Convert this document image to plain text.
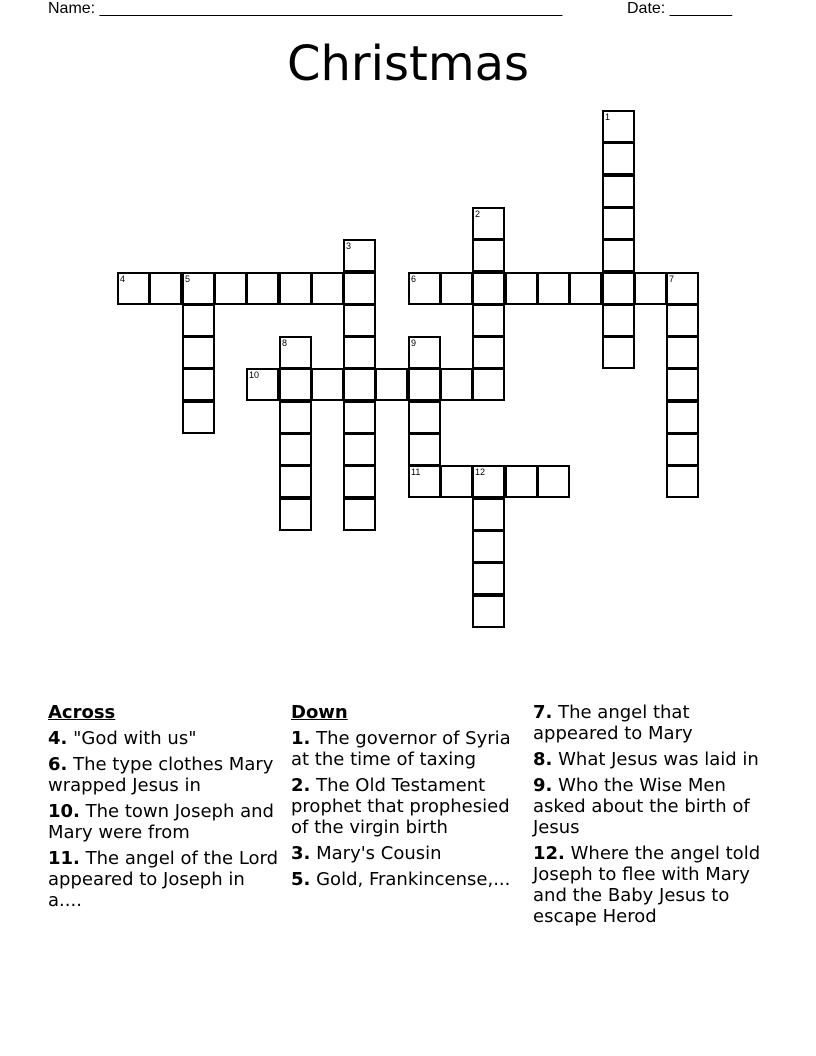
Name: ____________________________________________________	Date: _______
Christmas
1
2
3
4	5	6	7
8
10
9
11	12
Across
4. "God with us"
6. The type clothes Mary wrapped Jesus in
10. The town Joseph and Mary were from
11. The angel of the Lord appeared to Joseph in a....
Down
1. The governor of Syria at the time of taxing
2. The Old Testament prophet that prophesied of the virgin birth
3. Mary's Cousin
5. Gold, Frankincense,...
7. The angel that appeared to Mary
8. What Jesus was laid in
9. Who the Wise Men asked about the birth of Jesus
12. Where the angel told Joseph to flee with Mary and the Baby Jesus to escape Herod
